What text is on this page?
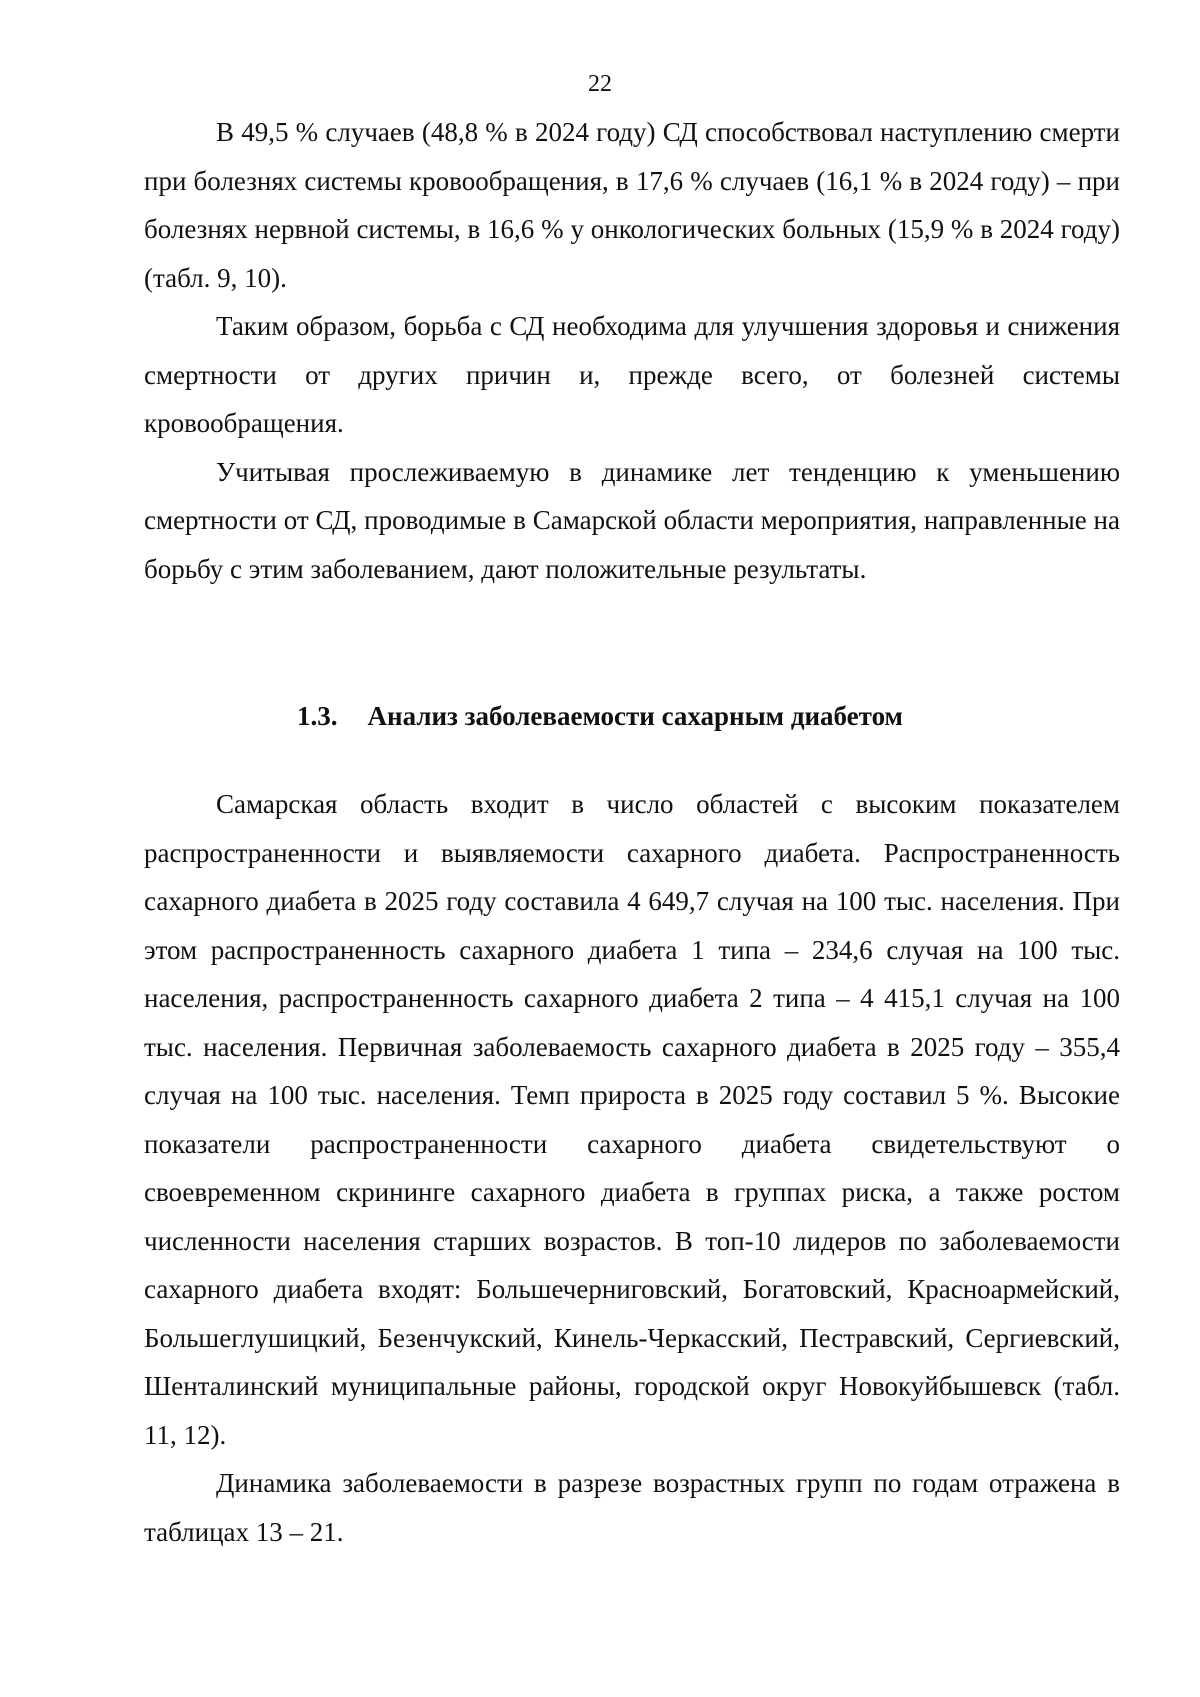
22

В 49,5 % случаев (48,8 % в 2024 году) СД способствовал наступлению смерти при болезнях системы кровообращения, в 17,6 % случаев (16,1 % в 2024 году) – при болезнях нервной системы, в 16,6 % у онкологических больных (15,9 % в 2024 году) (табл. 9, 10).

Таким образом, борьба с СД необходима для улучшения здоровья и снижения смертности от других причин и, прежде всего, от болезней системы кровообращения.

Учитывая прослеживаемую в динамике лет тенденцию к уменьшению смертности от СД, проводимые в Самарской области мероприятия, направленные на борьбу с этим заболеванием, дают положительные результаты.

1.3. Анализ заболеваемости сахарным диабетом

Самарская область входит в число областей с высоким показателем распространенности и выявляемости сахарного диабета. Распространенность сахарного диабета в 2025 году составила 4 649,7 случая на 100 тыс. населения. При этом распространенность сахарного диабета 1 типа – 234,6 случая на 100 тыс. населения, распространенность сахарного диабета 2 типа – 4 415,1 случая на 100 тыс. населения. Первичная заболеваемость сахарного диабета в 2025 году – 355,4 случая на 100 тыс. населения. Темп прироста в 2025 году составил 5 %. Высокие показатели распространенности сахарного диабета свидетельствуют о своевременном скрининге сахарного диабета в группах риска, а также ростом численности населения старших возрастов. В топ-10 лидеров по заболеваемости сахарного диабета входят: Большечерниговский, Богатовский, Красноармейский, Большеглушицкий, Безенчукский, Кинель-Черкасский, Пестравский, Сергиевский, Шенталинский муниципальные районы, городской округ Новокуйбышевск (табл. 11, 12).

Динамика заболеваемости в разрезе возрастных групп по годам отражена в таблицах 13 – 21.
